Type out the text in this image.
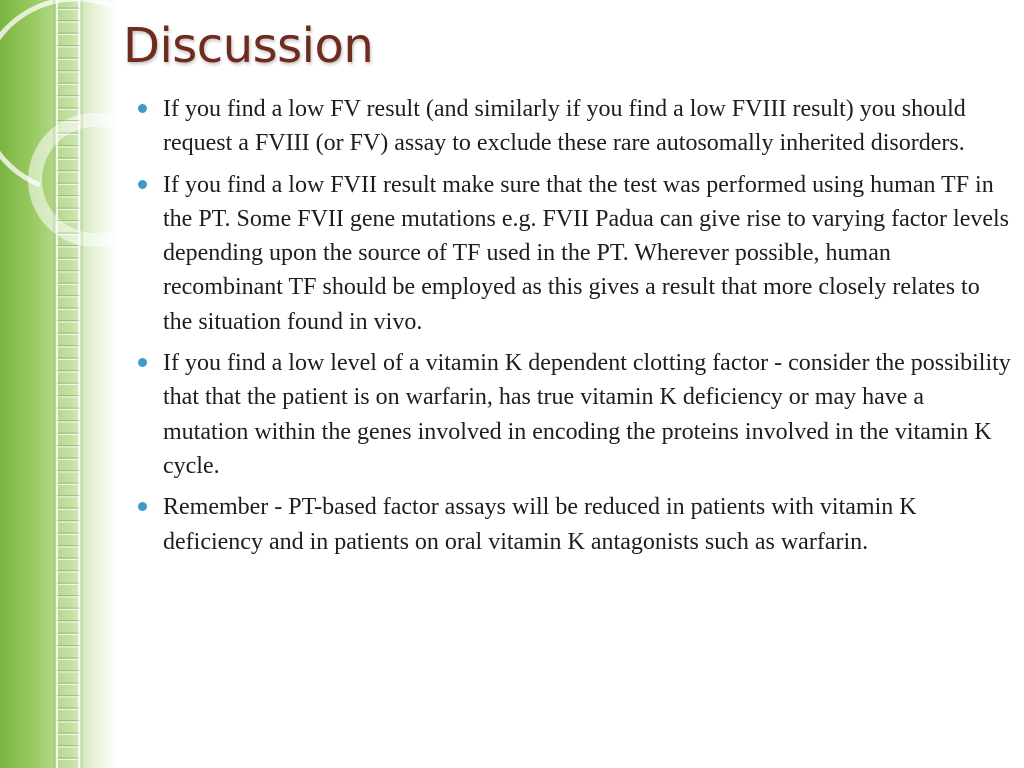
Discussion
If you find a low FV result (and similarly if you find a low FVIII result) you should request a FVIII (or FV) assay to exclude these rare autosomally inherited disorders.
If you find a low FVII result make sure that the test was performed using human TF in the PT. Some FVII gene mutations e.g. FVII Padua can give rise to varying factor levels depending upon the source of TF used in the PT. Wherever possible, human recombinant TF should be employed as this gives a result that more closely relates to the situation found in vivo.
If you find a low level of a vitamin K dependent clotting factor - consider the possibility that that the patient is on warfarin, has true vitamin K deficiency or may have a mutation within the genes involved in encoding the proteins involved in the vitamin K cycle.
Remember - PT-based factor assays will be reduced in patients with vitamin K deficiency and in patients on oral vitamin K antagonists such as warfarin.
